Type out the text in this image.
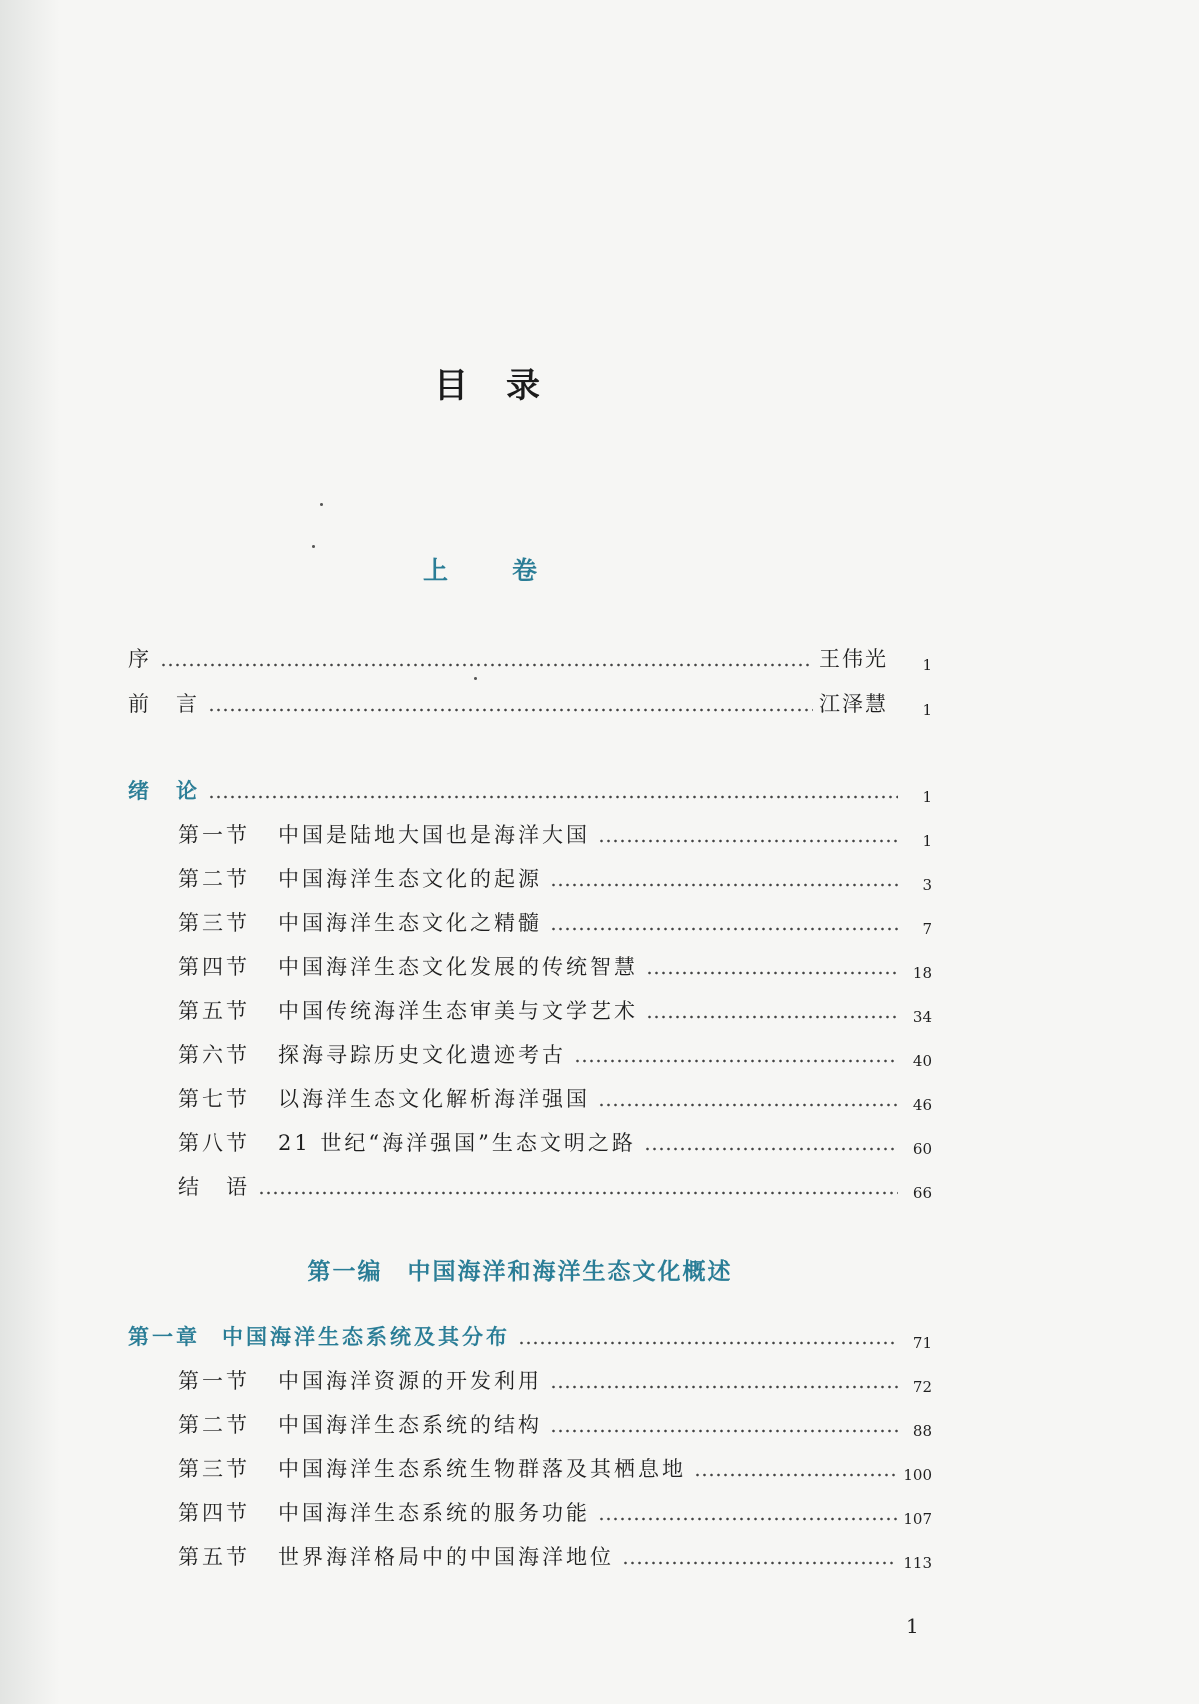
目录
上卷
序	王伟光	1
前　言	江泽慧	1
绪　论	1
第一节 中国是陆地大国也是海洋大国	1
第二节 中国海洋生态文化的起源	3
第三节 中国海洋生态文化之精髓	7
第四节 中国海洋生态文化发展的传统智慧	18
第五节 中国传统海洋生态审美与文学艺术	34
第六节 探海寻踪历史文化遗迹考古	40
第七节 以海洋生态文化解析海洋强国	46
第八节 21 世纪“海洋强国”生态文明之路	60
结　语	66
第一编　中国海洋和海洋生态文化概述
第一章 中国海洋生态系统及其分布	71
第一节 中国海洋资源的开发利用	72
第二节 中国海洋生态系统的结构	88
第三节 中国海洋生态系统生物群落及其栖息地	100
第四节 中国海洋生态系统的服务功能	107
第五节 世界海洋格局中的中国海洋地位	113
1
